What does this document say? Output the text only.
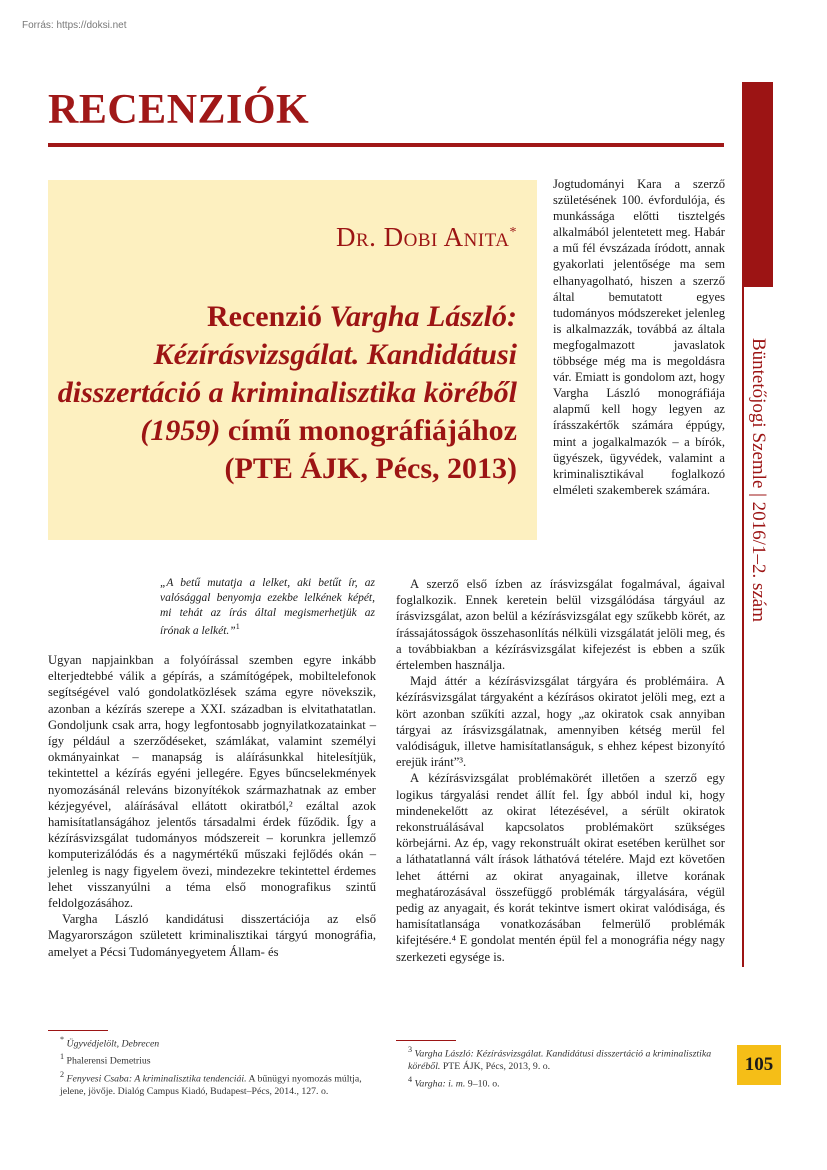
Forrás: https://doksi.net
RECENZIÓK
Büntetőjogi Szemle | 2016/1–2. szám
Dr. Dobi Anita*
Recenzió Vargha László: Kézírásvizsgálat. Kandidátusi disszertáció a kriminalisztika köréből (1959) című monográfiájához
(PTE ÁJK, Pécs, 2013)
Jogtudományi Kara a szerző születésének 100. évfordulója, és munkássága előtti tisztelgés alkalmából jelentetett meg. Habár a mű fél évszázada íródott, annak gyakorlati jelentősége ma sem elhanyagolható, hiszen a szerző által bemutatott egyes tudományos módszereket jelenleg is alkalmazzák, továbbá az általa megfogalmazott javaslatok többsége még ma is megoldásra vár. Emiatt is gondolom azt, hogy Vargha László monográfiája alapmű kell hogy legyen az írásszakértők számára éppúgy, mint a jogalkalmazók – a bírók, ügyészek, ügyvédek, valamint a kriminalisztikával foglalkozó elméleti szakemberek számára.
„A betű mutatja a lelket, aki betűt ír, az valósággal benyomja ezekbe lelkének képét, mi tehát az írás által megismerhetjük az írónak a lelkét.”$^1$

Ugyan napjainkban a folyóírással szemben egyre inkább elterjedtebbé válik a gépírás, a számítógépek, mobiltelefonok segítségével való gondolatközlések száma egyre növekszik, azonban a kézírás szerepe a XXI. században is elvitathatatlan. Gondoljunk csak arra, hogy legfontosabb jognyilatkozatainkat – így például a szerződéseket, számlákat, valamint személyi okmányainkat – manapság is aláírásunkkal hitelesítjük, tekintettel a kézírás egyéni jellegére. Egyes bűncselekmények nyomozásánál releváns bizonyítékok származhatnak az ember kézjegyével, aláírásával ellátott okiratból,² ezáltal azok hamisítatlanságához jelentős társadalmi érdek fűződik. Így a kézírásvizsgálat tudományos módszereit – korunkra jellemző komputerizálódás és a nagymértékű műszaki fejlődés okán – jelenleg is nagy figyelem övezi, mindezekre tekintettel érdemes lehet visszanyúlni a téma első monografikus szintű feldolgozásához.

Vargha László kandidátusi disszertációja az első Magyarországon született kriminalisztikai tárgyú monográfia, amelyet a Pécsi Tudományegyetem Állam- és

A szerző első ízben az írásvizsgálat fogalmával, ágaival foglalkozik. Ennek keretein belül vizsgálódása tárgyául az írásvizsgálat, azon belül a kézírásvizsgálat egy szűkebb körét, az írássajátosságok összehasonlítás nélküli vizsgálatát jelöli meg, és a továbbiakban a kézírásvizsgálat kifejezést is ebben a szűk értelemben használja.

Majd áttér a kézírásvizsgálat tárgyára és problémáira. A kézírásvizsgálat tárgyaként a kézírásos okiratot jelöli meg, ezt a kört azonban szűkíti azzal, hogy „az okiratok csak annyiban tárgyai az írásvizsgálatnak, amennyiben kétség merül fel valódiságuk, illetve hamisítatlanságuk, s ehhez képest bizonyító erejük iránt”³.

A kézírásvizsgálat problémakörét illetően a szerző egy logikus tárgyalási rendet állít fel. Így abból indul ki, hogy mindenekelőtt az okirat létezésével, a sérült okiratok rekonstruálásával kapcsolatos problémakört szükséges körbejárni. Az ép, vagy rekonstruált okirat esetében kerülhet sor a láthatatlanná vált írások láthatóvá tételére. Majd ezt követően lehet áttérni az okirat anyagainak, illetve korának meghatározásával összefüggő problémák tárgyalására, végül pedig az anyagait, és korát tekintve ismert okirat valódisága, és hamisítatlansága vonatkozásában felmerülő problémák kifejtésére.⁴ E gondolat mentén épül fel a monográfia négy nagy szerkezeti egysége is.

* Ügyvédjelölt, Debrecen
$^1$ Phalerensi Demetrius
$^2$ Fenyvesi Csaba: A kriminalisztika tendenciái. A bűnügyi nyomozás múltja, jelene, jövője. Dialóg Campus Kiadó, Budapest–Pécs, 2014., 127. o.
$^3$ Vargha László: Kézírásvizsgálat. Kandidátusi disszertáció a kriminalisztika köréből. PTE ÁJK, Pécs, 2013, 9. o.
$^4$ Vargha: i. m. 9–10. o.
105
